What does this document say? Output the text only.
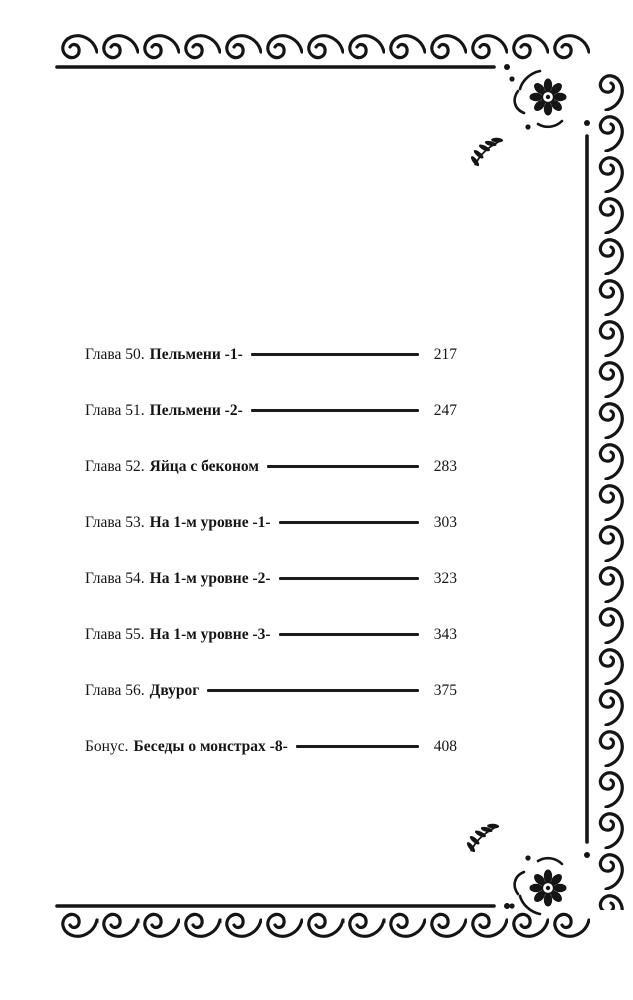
Глава 50. Пельмени -1-	217
Глава 51. Пельмени -2-	247
Глава 52. Яйца с беконом	283
Глава 53. На 1-м уровне -1-	303
Глава 54. На 1-м уровне -2-	323
Глава 55. На 1-м уровне -3-	343
Глава 56. Двурог	375
Бонус. Беседы о монстрах -8-	408
